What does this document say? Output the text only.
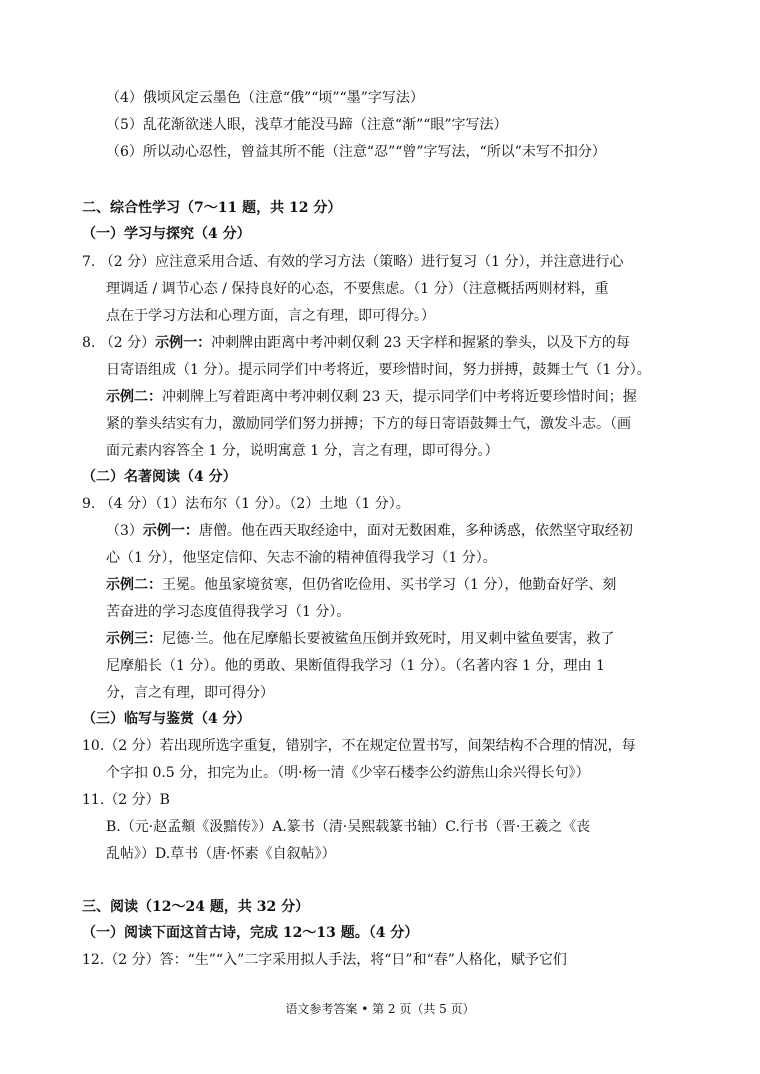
（4）俄顷风定云墨色（注意“俄”“顷”“墨”字写法）
（5）乱花渐欲迷人眼，浅草才能没马蹄（注意“渐”“眼”字写法）
（6）所以动心忍性，曾益其所不能（注意“忍”“曾”字写法，“所以”未写不扣分）
二、综合性学习（7～11 题，共 12 分）
（一）学习与探究（4 分）
7. （2 分）应注意采用合适、有效的学习方法（策略）进行复习（1 分），并注意进行心
理调适 / 调节心态 / 保持良好的心态，不要焦虑。（1 分）（注意概括两则材料，重
点在于学习方法和心理方面，言之有理，即可得分。）
8. （2 分）示例一：冲刺牌由距离中考冲刺仅剩 23 天字样和握紧的拳头，以及下方的每
日寄语组成（1 分）。提示同学们中考将近，要珍惜时间，努力拼搏，鼓舞士气（1 分）。
示例二：冲刺牌上写着距离中考冲刺仅剩 23 天，提示同学们中考将近要珍惜时间；握
紧的拳头结实有力，激励同学们努力拼搏；下方的每日寄语鼓舞士气，激发斗志。（画
面元素内容答全 1 分，说明寓意 1 分，言之有理，即可得分。）
（二）名著阅读（4 分）
9. （4 分）（1）法布尔（1 分）。（2）土地（1 分）。
（3）示例一：唐僧。他在西天取经途中，面对无数困难，多种诱惑，依然坚守取经初
心（1 分），他坚定信仰、矢志不渝的精神值得我学习（1 分）。
示例二：王冕。他虽家境贫寒，但仍省吃俭用、买书学习（1 分），他勤奋好学、刻
苦奋进的学习态度值得我学习（1 分）。
示例三：尼德·兰。他在尼摩船长要被鲨鱼压倒并致死时，用叉刺中鲨鱼要害，救了
尼摩船长（1 分）。他的勇敢、果断值得我学习（1 分）。（名著内容 1 分，理由 1
分，言之有理，即可得分）
（三）临写与鉴赏（4 分）
10.（2 分）若出现所选字重复，错别字，不在规定位置书写，间架结构不合理的情况，每
个字扣 0.5 分，扣完为止。（明·杨一清《少宰石楼李公约游焦山余兴得长句》）
11.（2 分）B
B.（元·赵孟頫《汲黯传》）A.篆书（清·吴熙载篆书轴）C.行书（晋·王羲之《丧
乱帖》）D.草书（唐·怀素《自叙帖》）
三、阅读（12～24 题，共 32 分）
（一）阅读下面这首古诗，完成 12～13 题。（4 分）
12.（2 分）答：“生”“入”二字采用拟人手法，将“日”和“春”人格化，赋予它们
语文参考答案 • 第 2 页（共 5 页）
